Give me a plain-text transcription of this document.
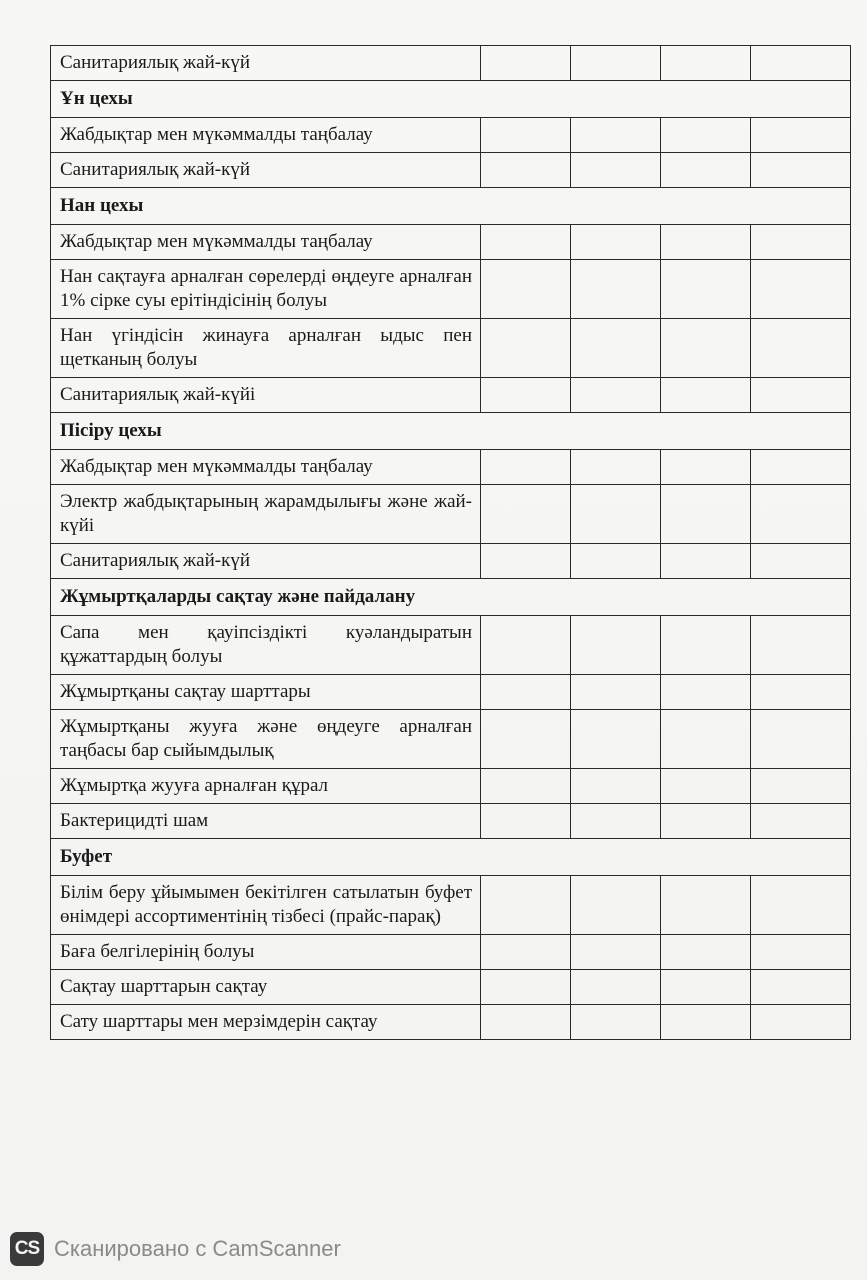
Санитариялық жай-күй				
Ұн цехы				
Жабдықтар мен мүкәммалды таңбалау				
Санитариялық жай-күй				
Нан цехы				
Жабдықтар мен мүкәммалды таңбалау				
Нан сақтауға арналған сөрелерді өңдеуге арналған 1% сірке суы ерітіндісінің болуы				
Нан үгіндісін жинауға арналған ыдыс пен щетканың болуы				
Санитариялық жай-күйі				
Пісіру цехы				
Жабдықтар мен мүкәммалды таңбалау				
Электр жабдықтарының жарамдылығы және жай-күйі				
Санитариялық жай-күй				
Жұмыртқаларды сақтау және пайдалану				
Сапа мен қауіпсіздікті куәландыратын құжаттардың болуы				
Жұмыртқаны сақтау шарттары				
Жұмыртқаны жууға және өңдеуге арналған таңбасы бар сыйымдылық				
Жұмыртқа жууға арналған құрал				
Бактерицидті шам				
Буфет				
Білім беру ұйымымен бекітілген сатылатын буфет өнімдері ассортиментінің тізбесі (прайс-парақ)				
Баға белгілерінің болуы				
Сақтау шарттарын сақтау				
Сату шарттары мен мерзімдерін сақтау				
CS Сканировано с CamScanner
